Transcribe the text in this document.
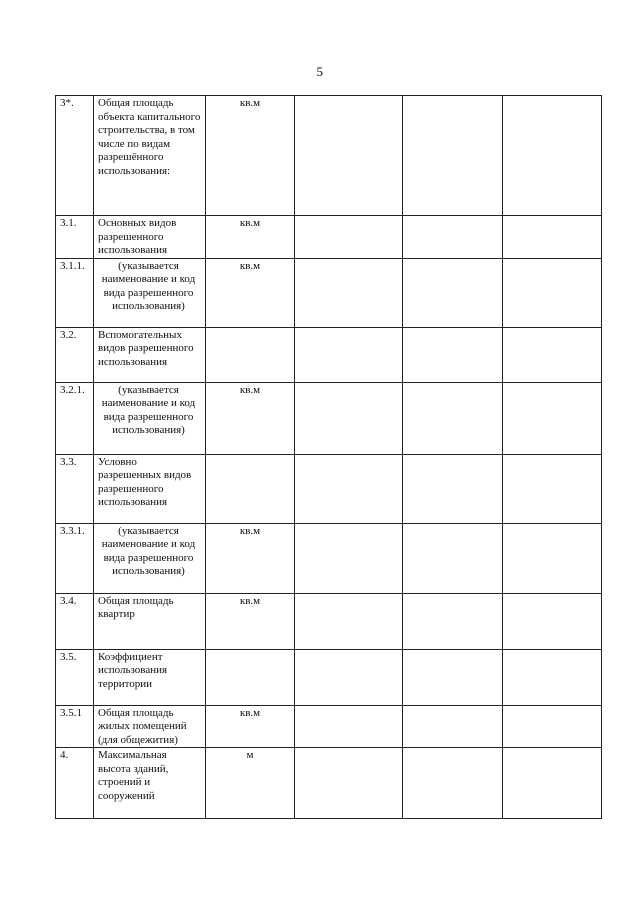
5
3*.	Общая площадь объекта капитального строительства, в том числе по видам разрешённого использования:	кв.м			
3.1.	Основных видов разрешенного использования	кв.м			
3.1.1.	(указывается наименование и код вида разрешенного использования)	кв.м			
3.2.	Вспомогательных видов разрешенного использования				
3.2.1.	(указывается наименование и код вида разрешенного использования)	кв.м			
3.3.	Условно разрешенных видов разрешенного использования				
3.3.1.	(указывается наименование и код вида разрешенного использования)	кв.м			
3.4.	Общая площадь квартир	кв.м			
3.5.	Коэффициент использования территории				
3.5.1	Общая площадь жилых помещений (для общежития)	кв.м			
4.	Максимальная высота зданий, строений и сооружений	м			
